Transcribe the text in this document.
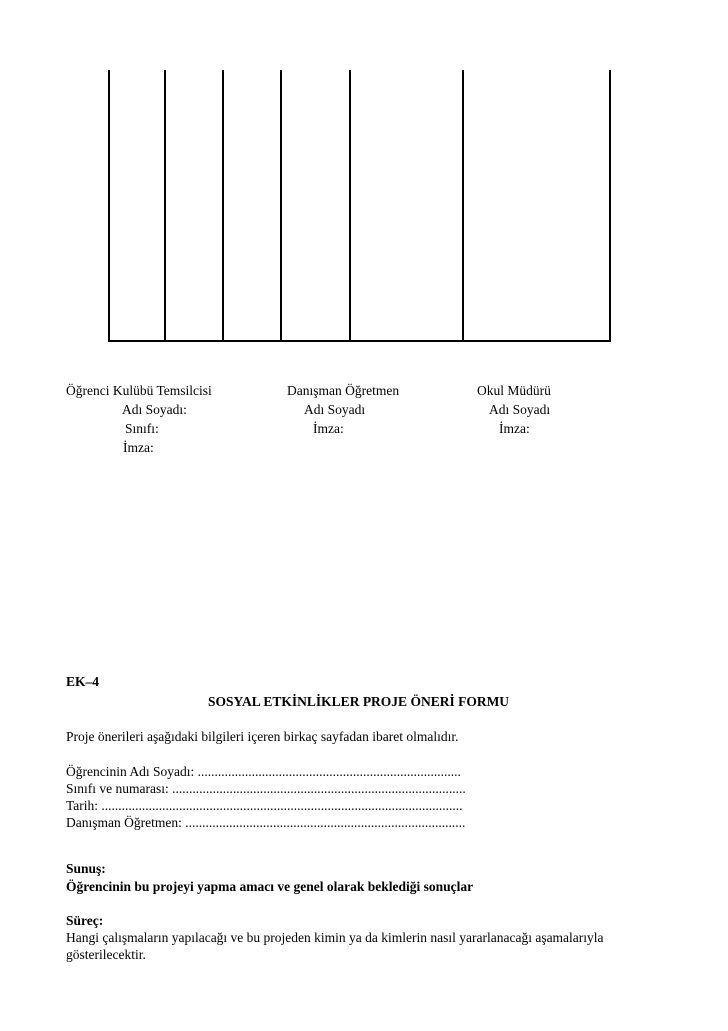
Öğrenci Kulübü Temsilcisi
Adı Soyadı:
Sınıfı:
İmza:
Danışman Öğretmen
Adı Soyadı
İmza:
Okul Müdürü
Adı Soyadı
İmza:
EK–4
SOSYAL ETKİNLİKLER PROJE ÖNERİ FORMU
Proje önerileri aşağıdaki bilgileri içeren birkaç sayfadan ibaret olmalıdır.
Öğrencinin Adı Soyadı: ..............................................................................
Sınıfı ve numarası: .......................................................................................
Tarih: ...........................................................................................................
Danışman Öğretmen: ...................................................................................
Sunuş:
Öğrencinin bu projeyi yapma amacı ve genel olarak beklediği sonuçlar
Süreç:
Hangi çalışmaların yapılacağı ve bu projeden kimin ya da kimlerin nasıl yararlanacağı aşamalarıyla
gösterilecektir.
